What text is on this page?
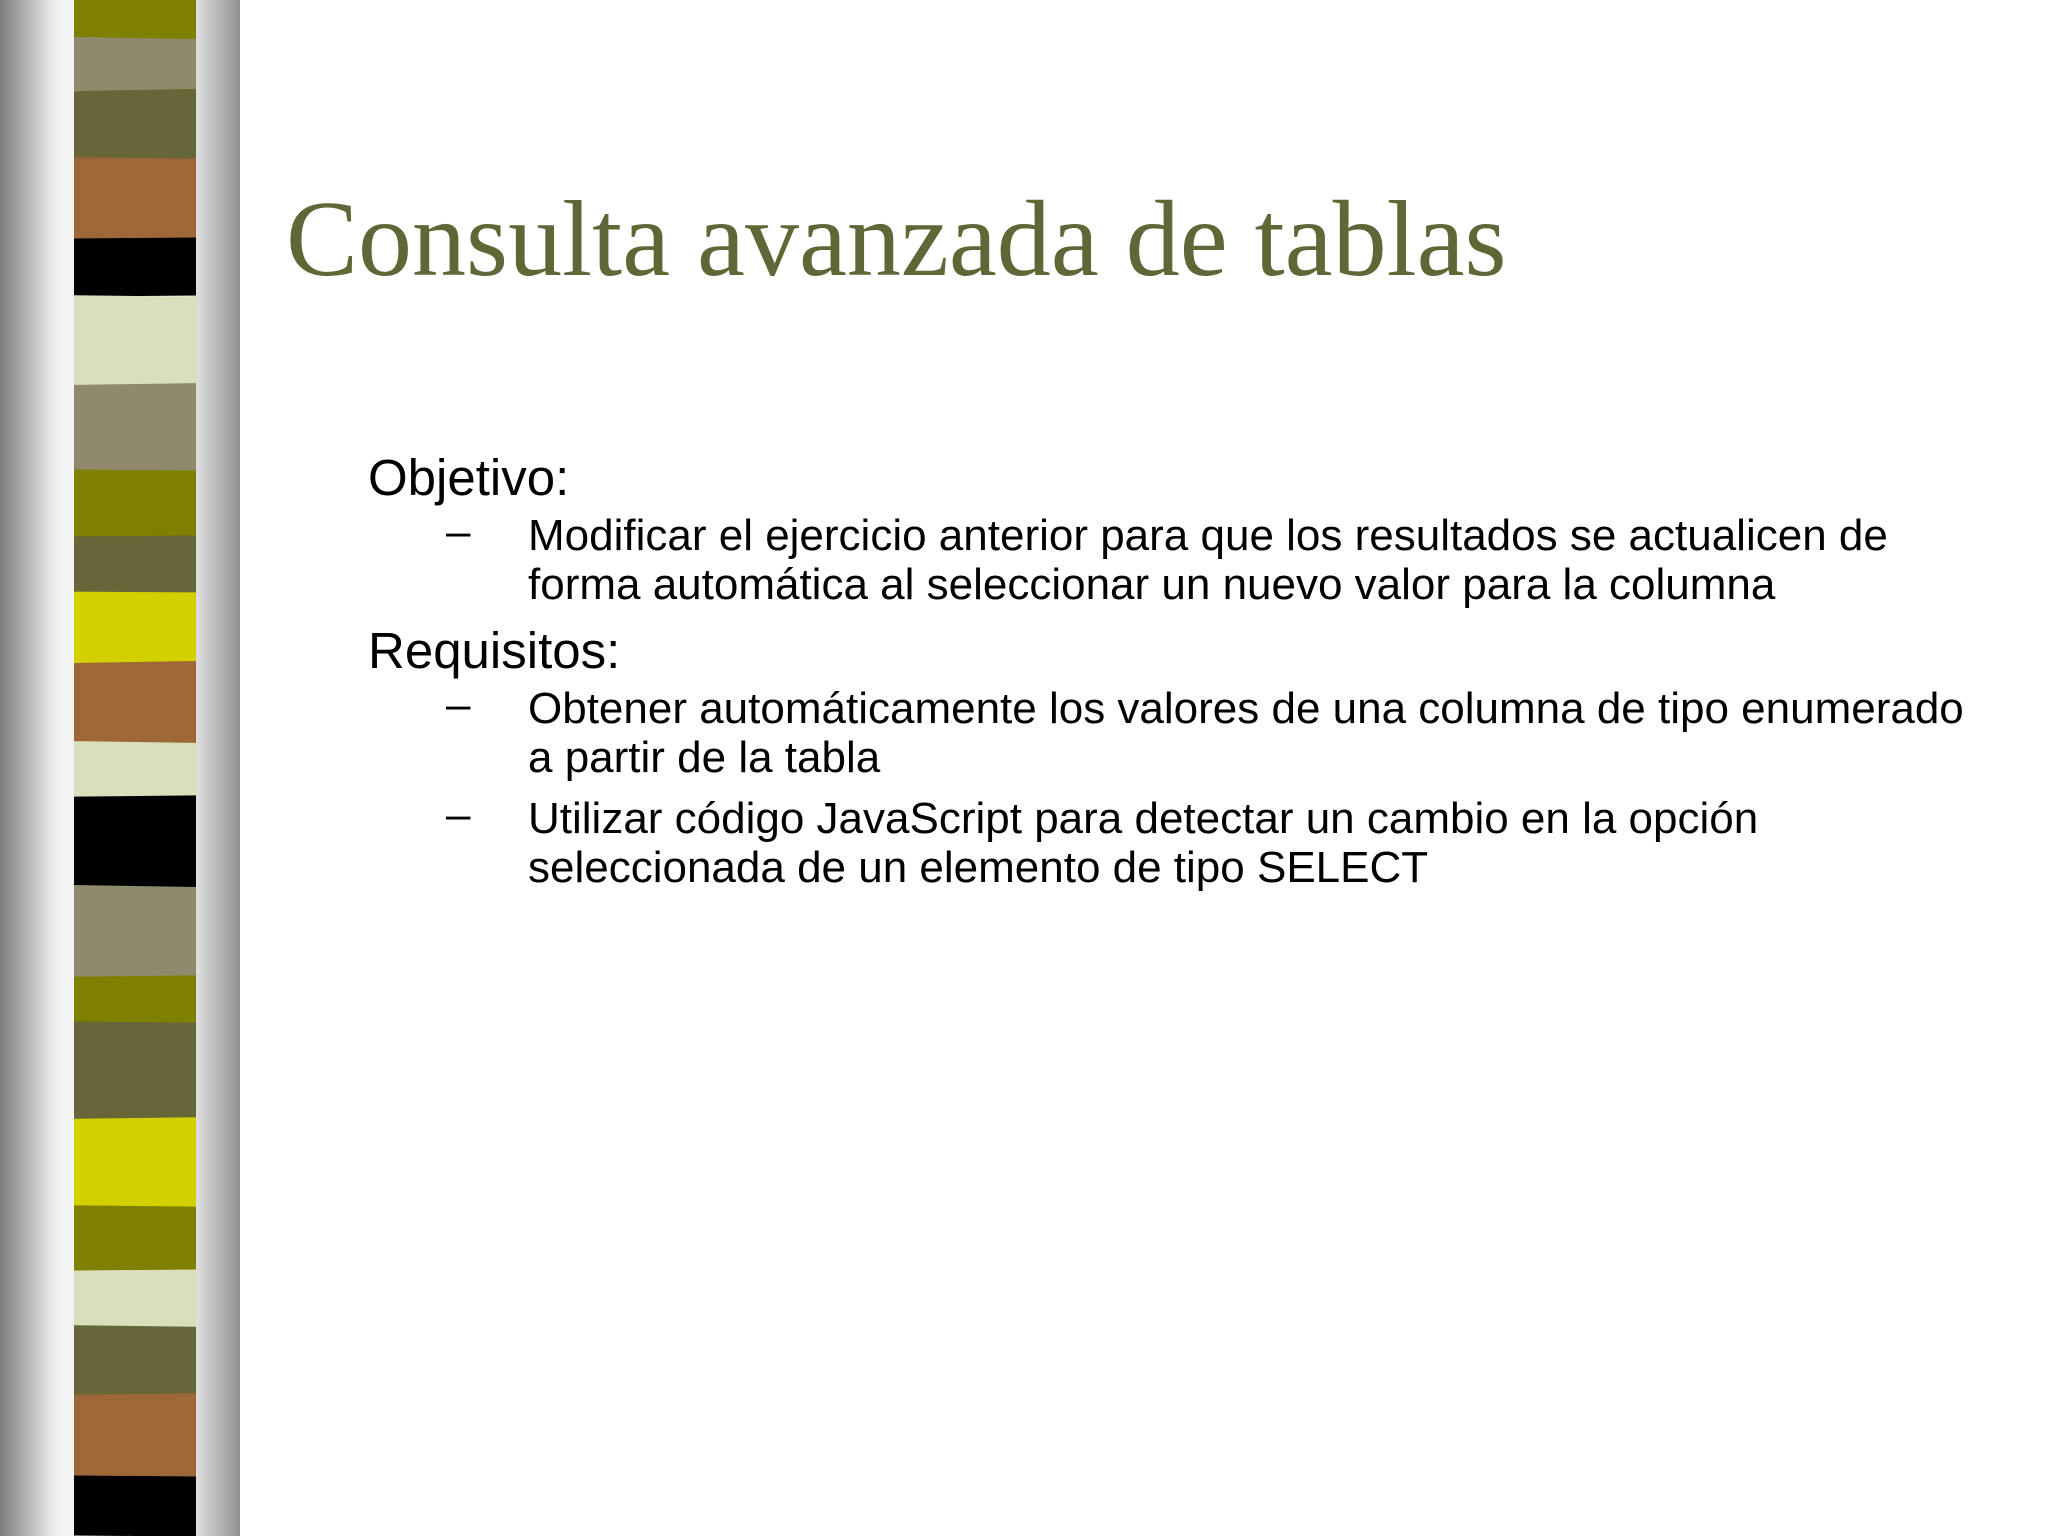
Consulta avanzada de tablas

Objetivo:

– Modificar el ejercicio anterior para que los resultados se actualicen de forma automática al seleccionar un nuevo valor para la columna

Requisitos:

– Obtener automáticamente los valores de una columna de tipo enumerado a partir de la tabla
– Utilizar código JavaScript para detectar un cambio en la opción seleccionada de un elemento de tipo SELECT
